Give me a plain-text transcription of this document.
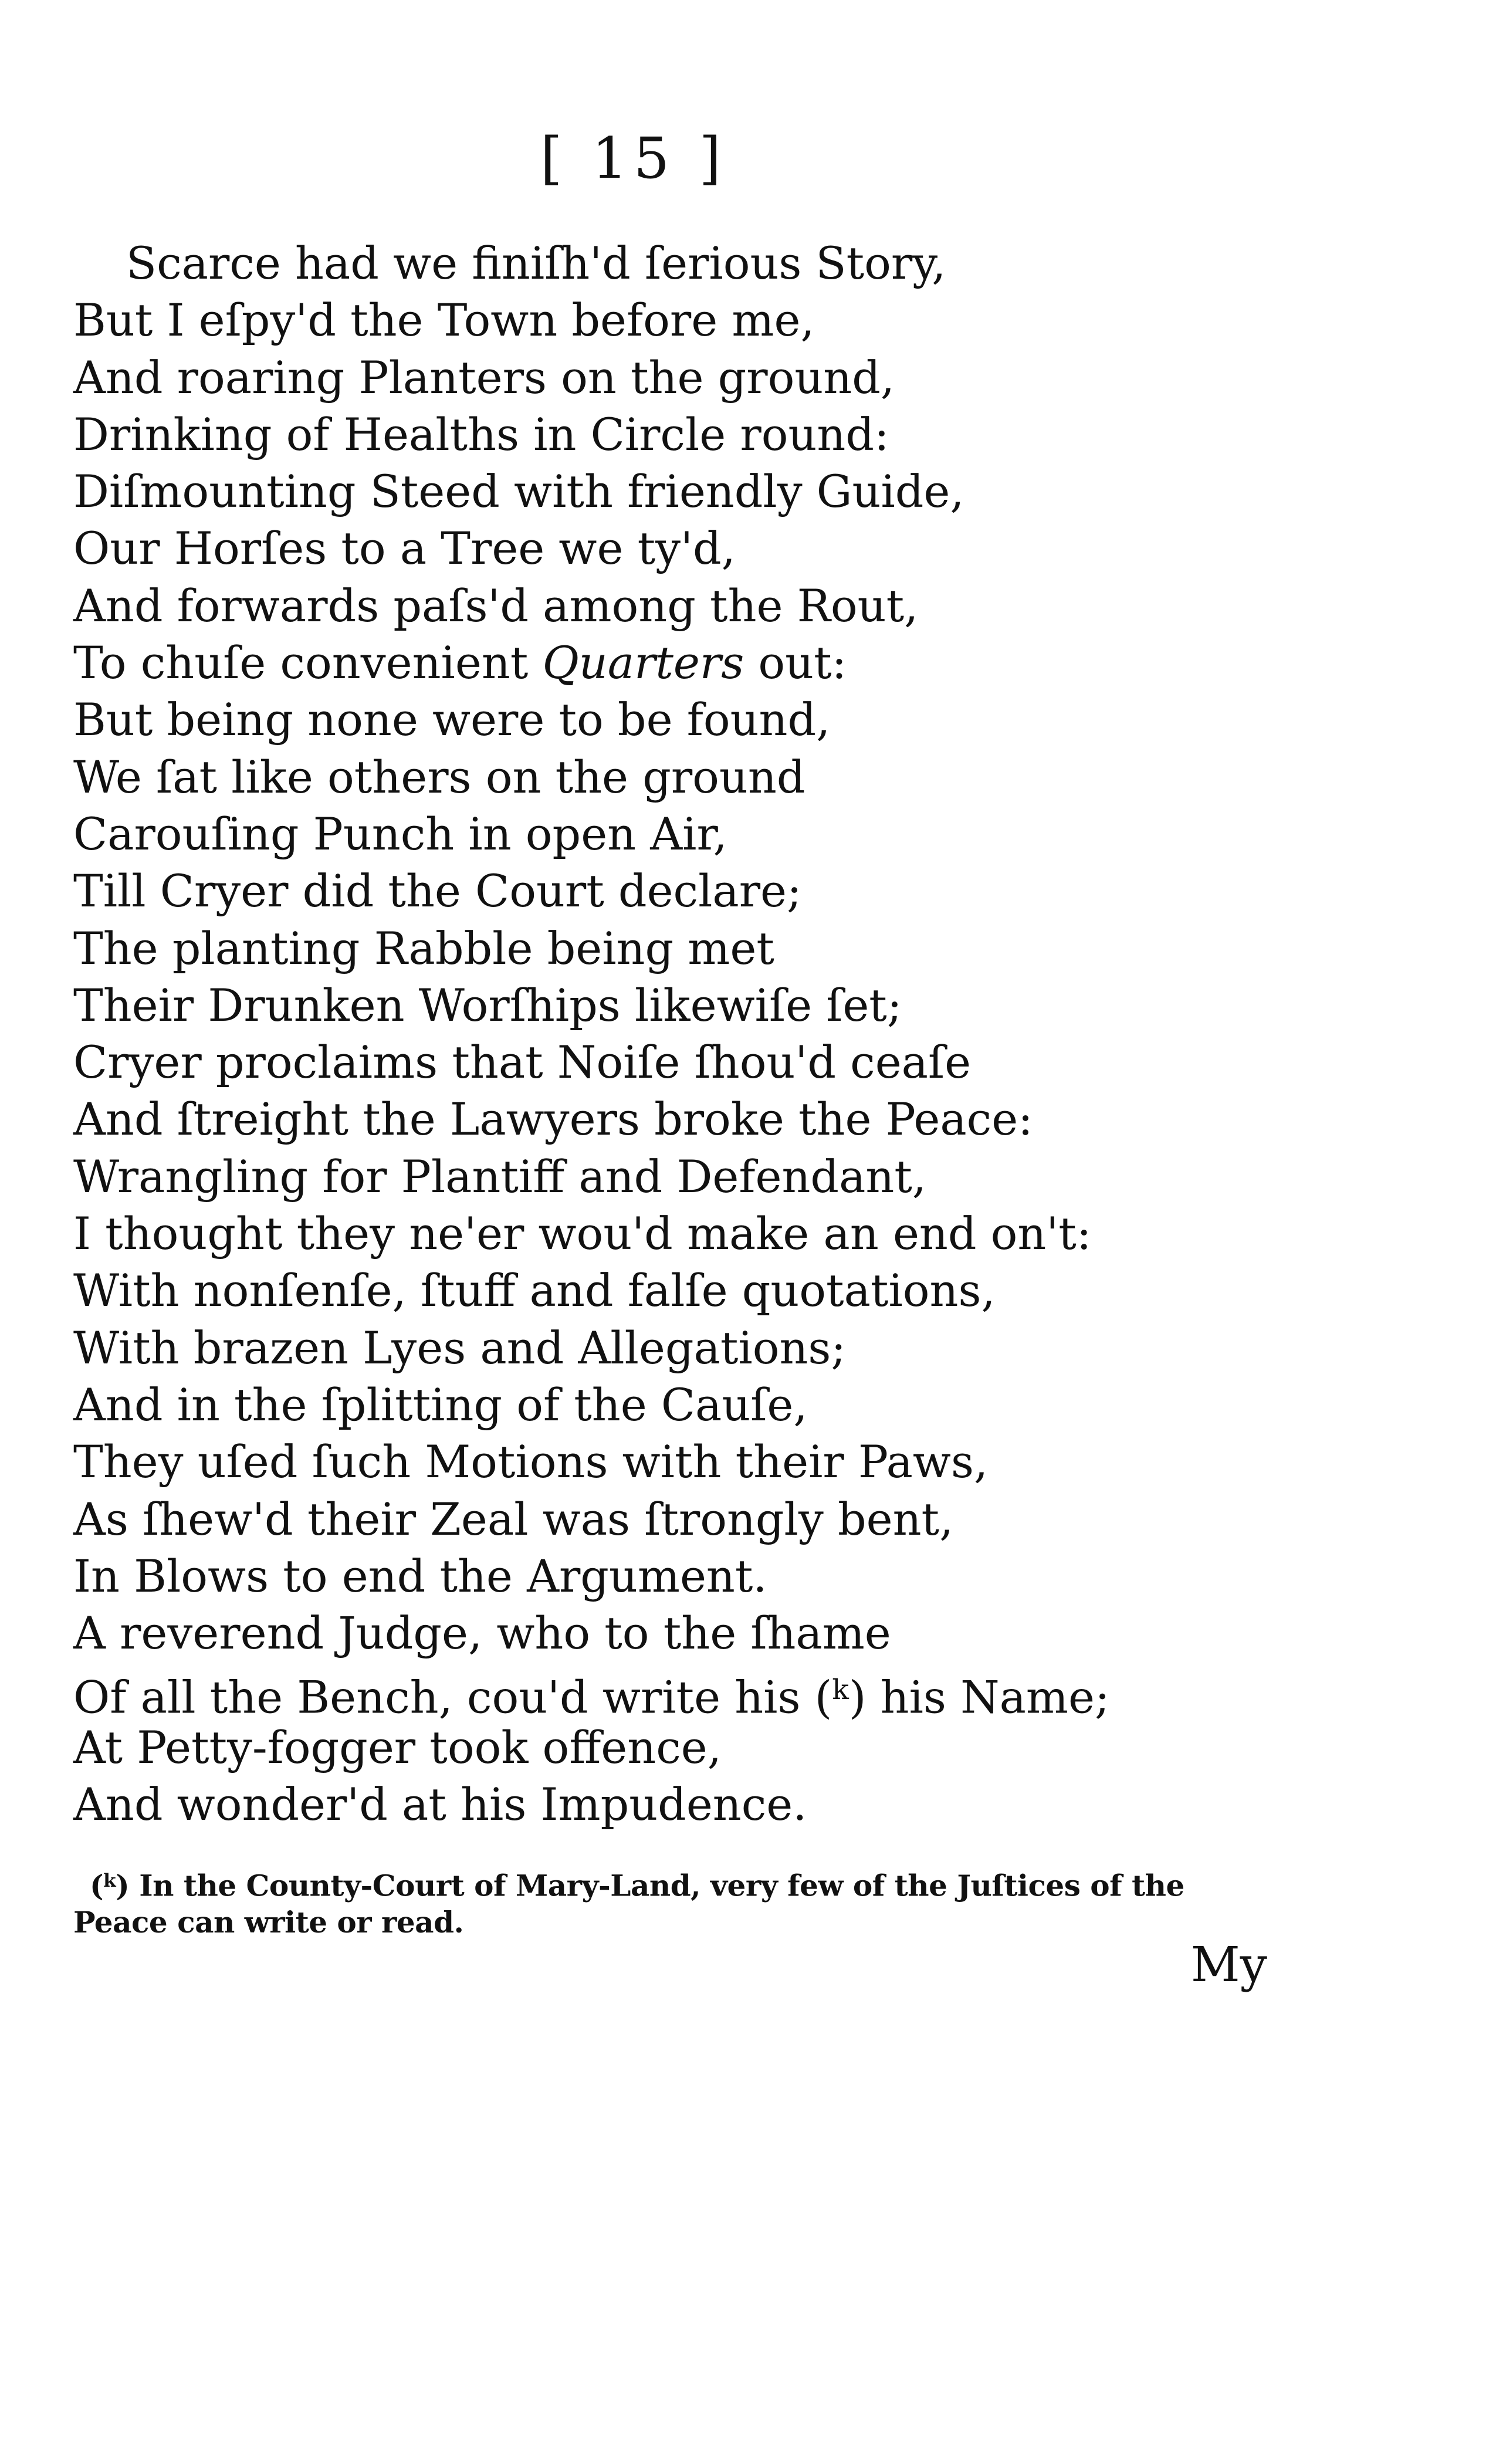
[ 15 ]
Scarce had we finiſh'd ſerious Story,
But I eſpy'd the Town before me,
And roaring Planters on the ground,
Drinking of Healths in Circle round:
Diſmounting Steed with friendly Guide,
Our Horſes to a Tree we ty'd,
And forwards paſs'd among the Rout,
To chuſe convenient Quarters out:
But being none were to be found,
We ſat like others on the ground
Carouſing Punch in open Air,
Till Cryer did the Court declare;
The planting Rabble being met
Their Drunken Worſhips likewiſe ſet;
Cryer proclaims that Noiſe ſhou'd ceaſe
And ſtreight the Lawyers broke the Peace:
Wrangling for Plantiff and Defendant,
I thought they ne'er wou'd make an end on't:
With nonſenſe, ſtuff and falſe quotations,
With brazen Lyes and Allegations;
And in the ſplitting of the Cauſe,
They uſed ſuch Motions with their Paws,
As ſhew'd their Zeal was ſtrongly bent,
In Blows to end the Argument.
A reverend Judge, who to the ſhame
Of all the Bench, cou'd write his ($^k$) his Name;
At Petty-fogger took offence,
And wonder'd at his Impudence.
($^k$) In the County-Court of Mary-Land, very few of the Juſtices of the
Peace can write or read.
My
